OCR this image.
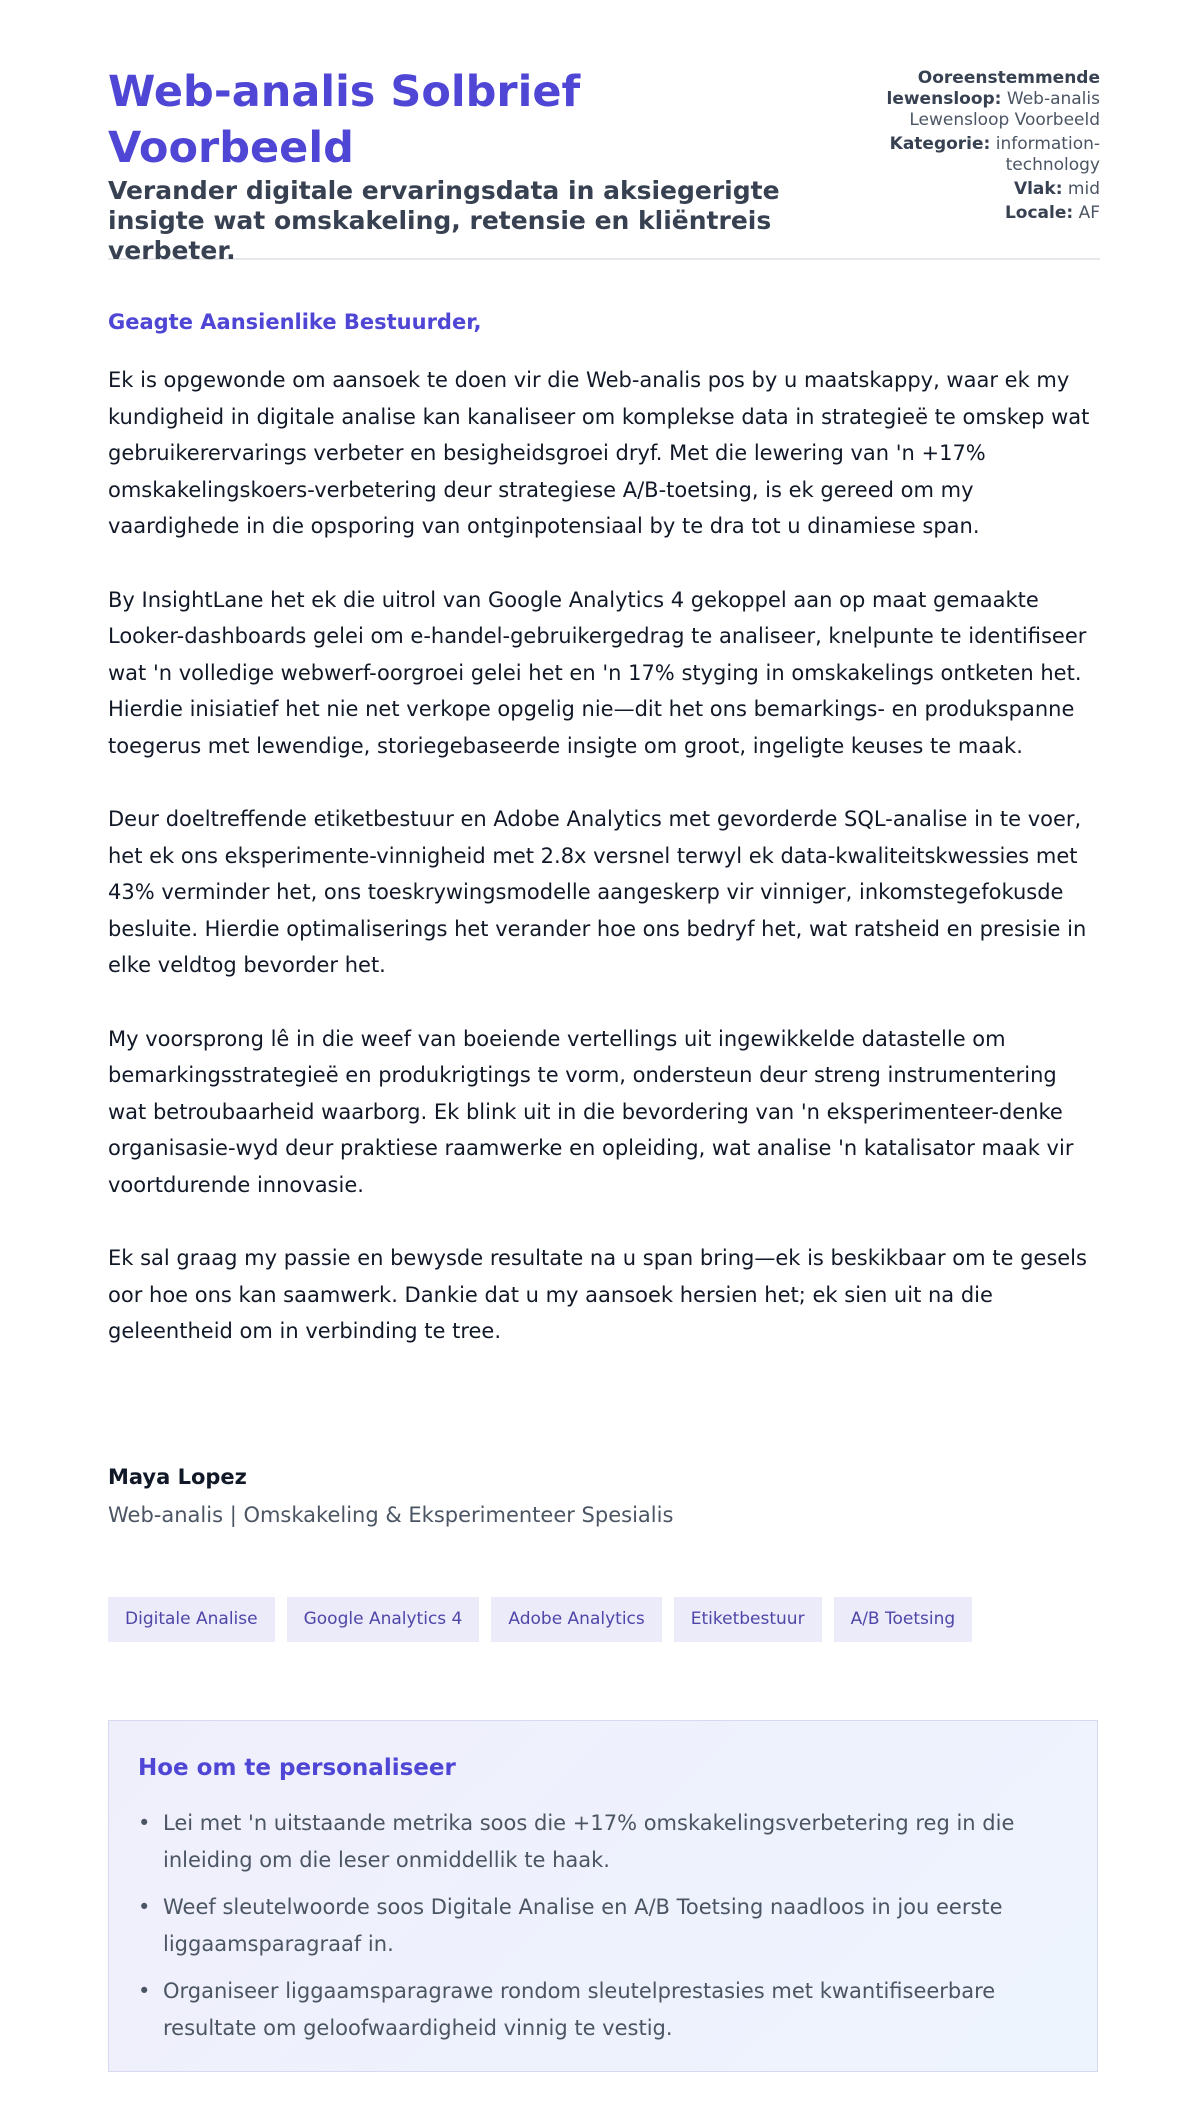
Web-analis Solbrief Voorbeeld
Verander digitale ervaringsdata in aksiegerigte insigte wat omskakeling, retensie en kliëntreis verbeter.
Ooreenstemmende lewensloop: Web-analis Lewensloop Voorbeeld
Kategorie: information-technology
Vlak: mid
Locale: AF
Geagte Aansienlike Bestuurder,

Ek is opgewonde om aansoek te doen vir die Web-analis pos by u maatskappy, waar ek my kundigheid in digitale analise kan kanaliseer om komplekse data in strategieë te omskep wat gebruikerervarings verbeter en besigheidsgroei dryf. Met die lewering van 'n +17% omskakelingskoers-verbetering deur strategiese A/B-toetsing, is ek gereed om my vaardighede in die opsporing van ontginpotensiaal by te dra tot u dinamiese span.

By InsightLane het ek die uitrol van Google Analytics 4 gekoppel aan op maat gemaakte Looker-dashboards gelei om e-handel-gebruikergedrag te analiseer, knelpunte te identifiseer wat 'n volledige webwerf-oorgroei gelei het en 'n 17% styging in omskakelings ontketen het. Hierdie inisiatief het nie net verkope opgelig nie—dit het ons bemarkings- en produkspanne toegerus met lewendige, storiegebaseerde insigte om groot, ingeligte keuses te maak.

Deur doeltreffende etiketbestuur en Adobe Analytics met gevorderde SQL-analise in te voer, het ek ons eksperimente-vinnigheid met 2.8x versnel terwyl ek data-kwaliteitskwessies met 43% verminder het, ons toeskrywingsmodelle aangeskerp vir vinniger, inkomstegefokusde besluite. Hierdie optimaliserings het verander hoe ons bedryf het, wat ratsheid en presisie in elke veldtog bevorder het.

My voorsprong lê in die weef van boeiende vertellings uit ingewikkelde datastelle om bemarkingsstrategieë en produkrigtings te vorm, ondersteun deur streng instrumentering wat betroubaarheid waarborg. Ek blink uit in die bevordering van 'n eksperimenteer-denke organisasie-wyd deur praktiese raamwerke en opleiding, wat analise 'n katalisator maak vir voortdurende innovasie.

Ek sal graag my passie en bewysde resultate na u span bring—ek is beskikbaar om te gesels oor hoe ons kan saamwerk. Dankie dat u my aansoek hersien het; ek sien uit na die geleentheid om in verbinding te tree.

Maya Lopez
Web-analis | Omskakeling & Eksperimenteer Spesialis
Digitale Analise	Google Analytics 4	Adobe Analytics	Etiketbestuur	A/B Toetsing
Hoe om te personaliseer
• Lei met 'n uitstaande metrika soos die +17% omskakelingsverbetering reg in die inleiding om die leser onmiddellik te haak.
• Weef sleutelwoorde soos Digitale Analise en A/B Toetsing naadloos in jou eerste liggaamsparagraaf in.
• Organiseer liggaamsparagrawe rondom sleutelprestasies met kwantifiseerbare resultate om geloofwaardigheid vinnig te vestig.
